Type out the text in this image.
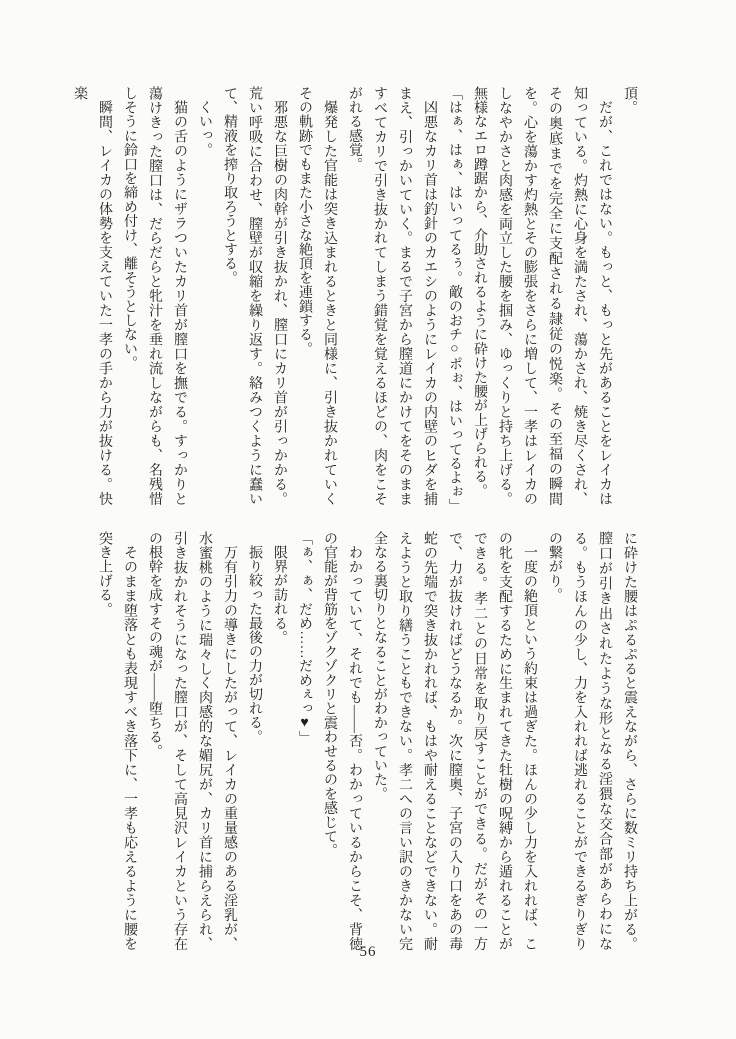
頂。

だが、これではない。もっと、もっと先があることをレイカは知っている。灼熱に心身を満たされ、蕩かされ、焼き尽くされ、その奥底までを完全に支配される隷従の悦楽。その至福の瞬間を。心を蕩かす灼熱とその膨張をさらに増して、一孝はレイカのしなやかさと肉感を両立した腰を掴み、ゆっくりと持ち上げる。無様なエロ蹲踞から、介助されるように砕けた腰が上げられる。

「はぁ、はぁ、はいってるぅ。敵のおチ○ポぉ、はいってるよぉ」

凶悪なカリ首は釣針のカエシのようにレイカの内壁のヒダを捕まえ、引っかいていく。まるで子宮から膣道にかけてをそのまますべてカリで引き抜かれてしまう錯覚を覚えるほどの、肉をこそがれる感覚。

爆発した官能は突き込まれるときと同様に、引き抜かれていくその軌跡でもまた小さな絶頂を連鎖する。

邪悪な巨樹の肉幹が引き抜かれ、膣口にカリ首が引っかかる。荒い呼吸に合わせ、膣壁が収縮を繰り返す。絡みつくように蠢いて、精液を搾り取ろうとする。

くいっ。

猫の舌のようにザラついたカリ首が膣口を撫でる。すっかりと蕩けきった膣口は、だらだらと牝汁を垂れ流しながらも、名残惜しそうに鈴口を締め付け、離そうとしない。

瞬間、レイカの体勢を支えていた一孝の手から力が抜ける。快楽

に砕けた腰はぷるぷると震えながら、さらに数ミリ持ち上がる。膣口が引き出されたような形となる淫猥な交合部があらわになる。もうほんの少し、力を入れれば逃れることができるぎりぎりの繋がり。

一度の絶頂という約束は過ぎた。ほんの少し力を入れれば、この牝を支配するために生まれてきた牡樹の呪縛から遁れることができる。孝二との日常を取り戻すことができる。だがその一方で、力が抜ければどうなるか。次に膣奥、子宮の入り口をあの毒蛇の先端で突き抜かれれば、もはや耐えることなどできない。耐えようと取り繕うこともできない。孝二への言い訳のきかない完全なる裏切りとなることがわかっていた。

わかっていて、それでも——否。わかっているからこそ、背徳の官能が背筋をゾクゾクリと震わせるのを感じて。

「ぁ、ぁ、だめ……だめぇっ♥」

限界が訪れる。

振り絞った最後の力が切れる。

万有引力の導きにしたがって、レイカの重量感のある淫乳が、水蜜桃のように瑞々しく肉感的な媚尻が、カリ首に捕らえられ、引き抜かれそうになった膣口が、そして高見沢レイカという存在の根幹を成すその魂が——堕ちる。

そのまま堕落とも表現すべき落下に、一孝も応えるように腰を突き上げる。

56
